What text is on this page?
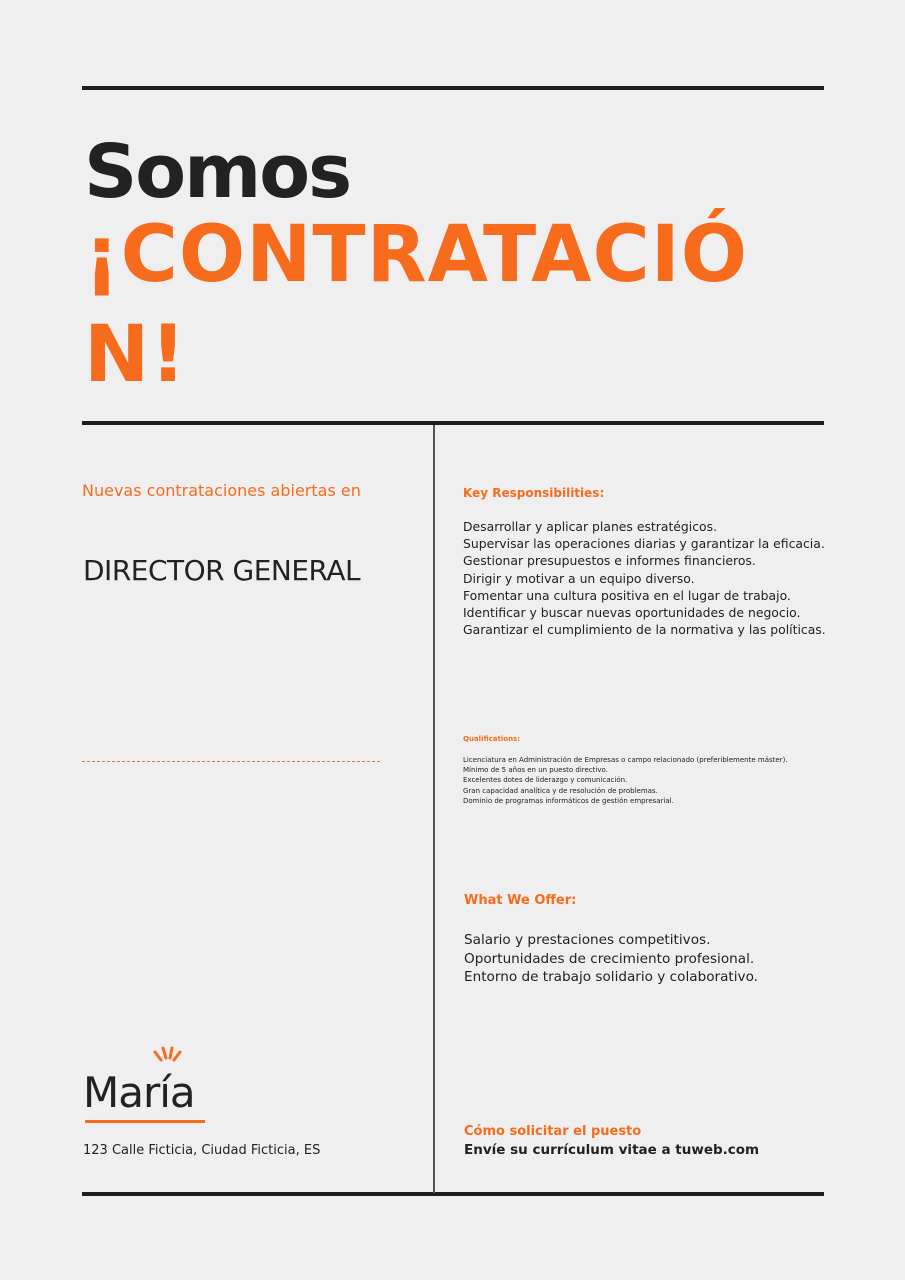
Somos
¡CONTRATACIÓN!
Nuevas contrataciones abiertas en
DIRECTOR GENERAL
María
123 Calle Ficticia, Ciudad Ficticia, ES
Key Responsibilities:
Desarrollar y aplicar planes estratégicos.
Supervisar las operaciones diarias y garantizar la eficacia.
Gestionar presupuestos e informes financieros.
Dirigir y motivar a un equipo diverso.
Fomentar una cultura positiva en el lugar de trabajo.
Identificar y buscar nuevas oportunidades de negocio.
Garantizar el cumplimiento de la normativa y las políticas.
Qualifications:
Licenciatura en Administración de Empresas o campo relacionado (preferiblemente máster).
Mínimo de 5 años en un puesto directivo.
Excelentes dotes de liderazgo y comunicación.
Gran capacidad analítica y de resolución de problemas.
Dominio de programas informáticos de gestión empresarial.
What We Offer:
Salario y prestaciones competitivos.
Oportunidades de crecimiento profesional.
Entorno de trabajo solidario y colaborativo.
Cómo solicitar el puesto
Envíe su currículum vitae a tuweb.com
